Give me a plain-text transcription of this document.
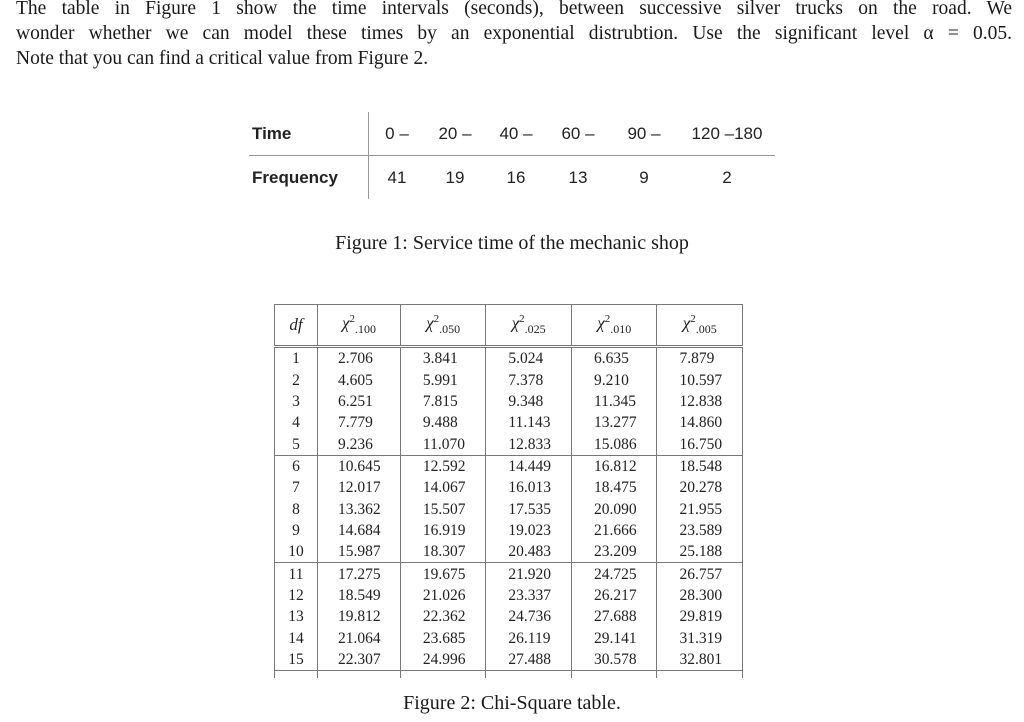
The table in Figure 1 show the time intervals (seconds), between successive silver trucks on the road. We
wonder whether we can model these times by an exponential distrubtion. Use the significant level α = 0.05.
Note that you can find a critical value from Figure 2.

Time	0 –	20 –	40 –	60 –	90 –	120 –180
Frequency	41	19	16	13	9	2
Figure 1: Service time of the mechanic shop
df	$\chi^2_{.100}$	$\chi^2_{.050}$	$\chi^2_{.025}$	$\chi^2_{.010}$	$\chi^2_{.005}$
1	2.706	3.841	5.024	6.635	7.879
2	4.605	5.991	7.378	9.210	10.597
3	6.251	7.815	9.348	11.345	12.838
4	7.779	9.488	11.143	13.277	14.860
5	9.236	11.070	12.833	15.086	16.750
6	10.645	12.592	14.449	16.812	18.548
7	12.017	14.067	16.013	18.475	20.278
8	13.362	15.507	17.535	20.090	21.955
9	14.684	16.919	19.023	21.666	23.589
10	15.987	18.307	20.483	23.209	25.188
11	17.275	19.675	21.920	24.725	26.757
12	18.549	21.026	23.337	26.217	28.300
13	19.812	22.362	24.736	27.688	29.819
14	21.064	23.685	26.119	29.141	31.319
15	22.307	24.996	27.488	30.578	32.801

Figure 2: Chi-Square table.
